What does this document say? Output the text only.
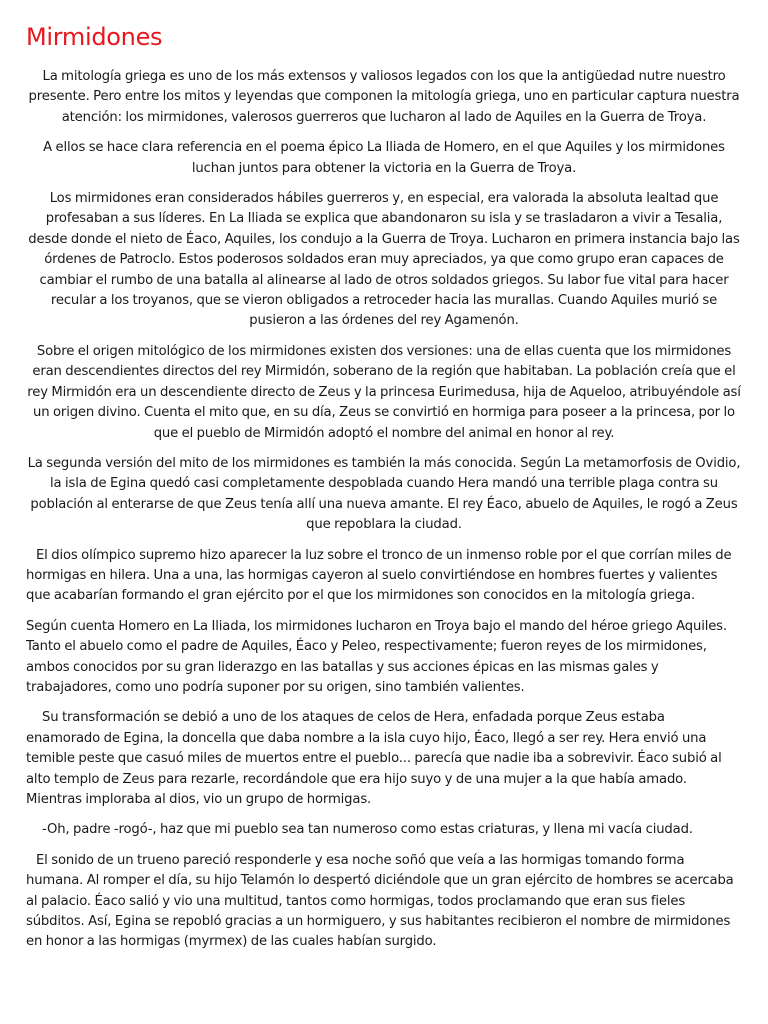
Mirmidones

La mitología griega es uno de los más extensos y valiosos legados con los que la antigüedad nutre nuestro presente. Pero entre los mitos y leyendas que componen la mitología griega, uno en particular captura nuestra atención: los mirmidones, valerosos guerreros que lucharon al lado de Aquiles en la Guerra de Troya.

A ellos se hace clara referencia en el poema épico La Iliada de Homero, en el que Aquiles y los mirmidones luchan juntos para obtener la victoria en la Guerra de Troya.

Los mirmidones eran considerados hábiles guerreros y, en especial, era valorada la absoluta lealtad que profesaban a sus líderes. En La Iliada se explica que abandonaron su isla y se trasladaron a vivir a Tesalia, desde donde el nieto de Éaco, Aquiles, los condujo a la Guerra de Troya. Lucharon en primera instancia bajo las órdenes de Patroclo. Estos poderosos soldados eran muy apreciados, ya que como grupo eran capaces de cambiar el rumbo de una batalla al alinearse al lado de otros soldados griegos. Su labor fue vital para hacer recular a los troyanos, que se vieron obligados a retroceder hacia las murallas. Cuando Aquiles murió se pusieron a las órdenes del rey Agamenón.

Sobre el origen mitológico de los mirmidones existen dos versiones: una de ellas cuenta que los mirmidones eran descendientes directos del rey Mirmidón, soberano de la región que habitaban. La población creía que el rey Mirmidón era un descendiente directo de Zeus y la princesa Eurimedusa, hija de Aqueloo, atribuyéndole así un origen divino. Cuenta el mito que, en su día, Zeus se convirtió en hormiga para poseer a la princesa, por lo que el pueblo de Mirmidón adoptó el nombre del animal en honor al rey.

La segunda versión del mito de los mirmidones es también la más conocida. Según La metamorfosis de Ovidio, la isla de Egina quedó casi completamente despoblada cuando Hera mandó una terrible plaga contra su población al enterarse de que Zeus tenía allí una nueva amante. El rey Éaco, abuelo de Aquiles, le rogó a Zeus que repoblara la ciudad.

El dios olímpico supremo hizo aparecer la luz sobre el tronco de un inmenso roble por el que corrían miles de hormigas en hilera. Una a una, las hormigas cayeron al suelo convirtiéndose en hombres fuertes y valientes que acabarían formando el gran ejército por el que los mirmidones son conocidos en la mitología griega.

Según cuenta Homero en La Iliada, los mirmidones lucharon en Troya bajo el mando del héroe griego Aquiles. Tanto el abuelo como el padre de Aquiles, Éaco y Peleo, respectivamente; fueron reyes de los mirmidones, ambos conocidos por su gran liderazgo en las batallas y sus acciones épicas en las mismas gales y trabajadores, como uno podría suponer por su origen, sino también valientes.

Su transformación se debió a uno de los ataques de celos de Hera, enfadada porque Zeus estaba enamorado de Egina, la doncella que daba nombre a la isla cuyo hijo, Éaco, llegó a ser rey. Hera envió una temible peste que casuó miles de muertos entre el pueblo... parecía que nadie iba a sobrevivir. Éaco subió al alto templo de Zeus para rezarle, recordándole que era hijo suyo y de una mujer a la que había amado. Mientras imploraba al dios, vio un grupo de hormigas.

-Oh, padre -rogó-, haz que mi pueblo sea tan numeroso como estas criaturas, y llena mi vacía ciudad.

El sonido de un trueno pareció responderle y esa noche soñó que veía a las hormigas tomando forma humana. Al romper el día, su hijo Telamón lo despertó diciéndole que un gran ejército de hombres se acercaba al palacio. Éaco salió y vio una multitud, tantos como hormigas, todos proclamando que eran sus fieles súbditos. Así, Egina se repobló gracias a un hormiguero, y sus habitantes recibieron el nombre de mirmidones en honor a las hormigas (myrmex) de las cuales habían surgido.
